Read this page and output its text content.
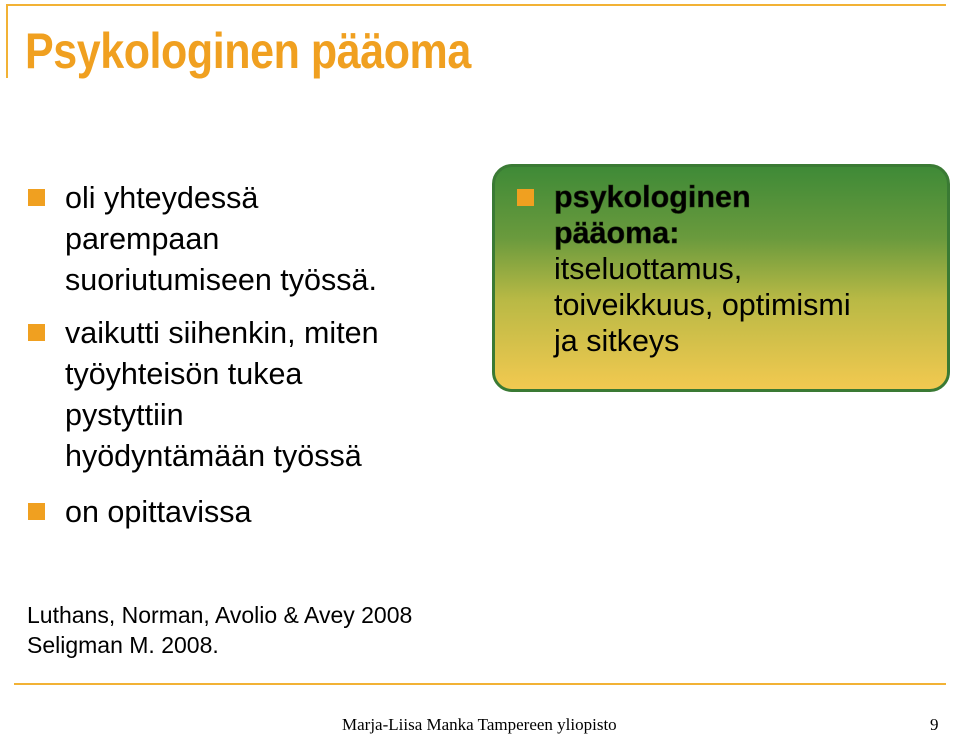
Psykologinen pääoma
oli yhteydessä
parempaan
suoriutumiseen työssä.
vaikutti siihenkin, miten
työyhteisön tukea
pystyttiin
hyödyntämään työssä
on opittavissa
Luthans, Norman, Avolio & Avey 2008
Seligman M. 2008.
psykologinen
pääoma:
itseluottamus,
toiveikkuus, optimismi
ja sitkeys
Marja-Liisa Manka Tampereen yliopisto	9
